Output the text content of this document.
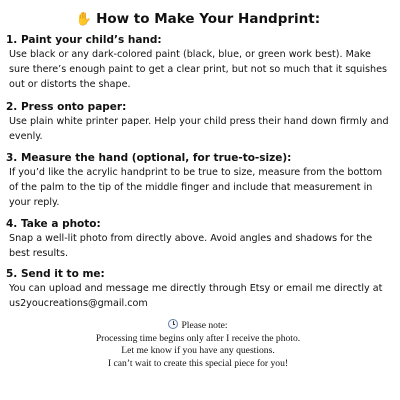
✋ How to Make Your Handprint:

1. Paint your child’s hand:

Use black or any dark-colored paint (black, blue, or green work best). Make sure there’s enough paint to get a clear print, but not so much that it squishes out or distorts the shape.

2. Press onto paper:

Use plain white printer paper. Help your child press their hand down firmly and evenly.

3. Measure the hand (optional, for true-to-size):

If you’d like the acrylic handprint to be true to size, measure from the bottom of the palm to the tip of the middle finger and include that measurement in your reply.

4. Take a photo:

Snap a well-lit photo from directly above. Avoid angles and shadows for the best results.

5. Send it to me:

You can upload and message me directly through Etsy or email me directly at us2youcreations@gmail.com

Please note:
Processing time begins only after I receive the photo.
Let me know if you have any questions.
I can’t wait to create this special piece for you!
